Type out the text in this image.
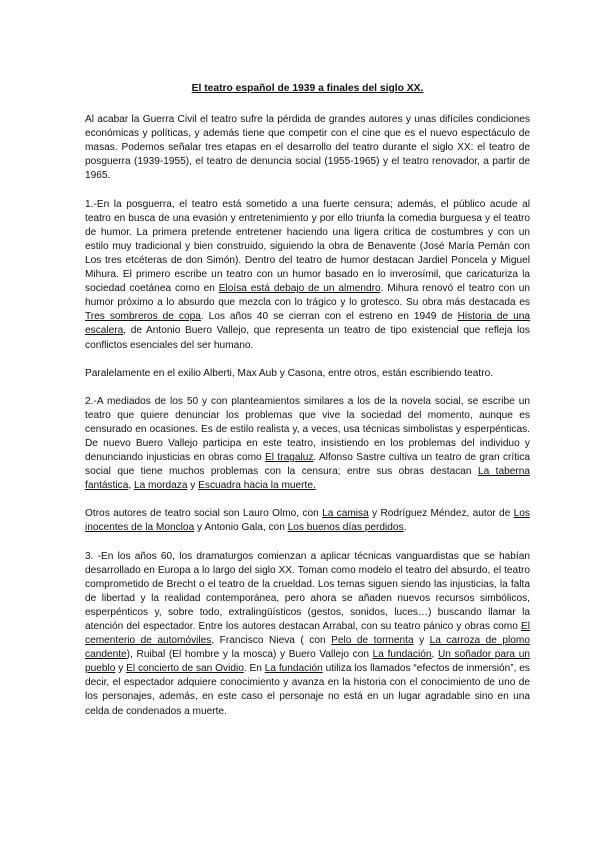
El teatro español de 1939 a finales del siglo XX.

Al acabar la Guerra Civil el teatro sufre la pérdida de grandes autores y unas difíciles condiciones económicas y políticas, y además tiene que competir con el cine que es el nuevo espectáculo de masas. Podemos señalar tres etapas en el desarrollo del teatro durante el siglo XX: el teatro de posguerra (1939-1955), el teatro de denuncia social (1955-1965) y el teatro renovador, a partir de 1965.

1.-En la posguerra, el teatro está sometido a una fuerte censura; además, el público acude al teatro en busca de una evasión y entretenimiento y por ello triunfa la comedia burguesa y el teatro de humor. La primera pretende entretener haciendo una ligera crítica de costumbres y con un estilo muy tradicional y bien construido, siguiendo la obra de Benavente (José María Pemán con Los tres etcéteras de don Simón). Dentro del teatro de humor destacan Jardiel Poncela y Miguel Mihura. El primero escribe un teatro con un humor basado en lo inverosímil, que caricaturiza la sociedad coetánea como en Eloísa está debajo de un almendro. Mihura renovó el teatro con un humor próximo a lo absurdo que mezcla con lo trágico y lo grotesco. Su obra más destacada es Tres sombreros de copa. Los años 40 se cierran con el estreno en 1949 de Historia de una escalera, de Antonio Buero Vallejo, que representa un teatro de tipo existencial que refleja los conflictos esenciales del ser humano.

Paralelamente en el exilio Alberti, Max Aub y Casona, entre otros, están escribiendo teatro.

2.-A mediados de los 50 y con planteamientos similares a los de la novela social, se escribe un teatro que quiere denunciar los problemas que vive la sociedad del momento, aunque es censurado en ocasiones. Es de estilo realista y, a veces, usa técnicas simbolistas y esperpénticas. De nuevo Buero Vallejo participa en este teatro, insistiendo en los problemas del individuo y denunciando injusticias en obras como El tragaluz. Alfonso Sastre cultiva un teatro de gran crítica social que tiene muchos problemas con la censura; entre sus obras destacan La taberna fantástica, La mordaza y Escuadra hacia la muerte.

Otros autores de teatro social son Lauro Olmo, con La camisa y Rodríguez Méndez, autor de Los inocentes de la Moncloa y Antonio Gala, con Los buenos días perdidos.

3. -En los años 60, los dramaturgos comienzan a aplicar técnicas vanguardistas que se habían desarrollado en Europa a lo largo del siglo XX. Toman como modelo el teatro del absurdo, el teatro comprometido de Brecht o el teatro de la crueldad. Los temas siguen siendo las injusticias, la falta de libertad y la realidad contemporánea, pero ahora se añaden nuevos recursos simbólicos, esperpénticos y, sobre todo, extralingüísticos (gestos, sonidos, luces…) buscando llamar la atención del espectador. Entre los autores destacan Arrabal, con su teatro pánico y obras como El cementerio de automóviles, Francisco Nieva ( con Pelo de tormenta y La carroza de plomo candente), Ruibal (El hombre y la mosca) y Buero Vallejo con La fundación, Un soñador para un pueblo y El concierto de san Ovidio. En La fundación utiliza los llamados “efectos de inmersión”, es decir, el espectador adquiere conocimiento y avanza en la historia con el conocimiento de uno de los personajes, además, en este caso el personaje no está en un lugar agradable sino en una celda de condenados a muerte.
